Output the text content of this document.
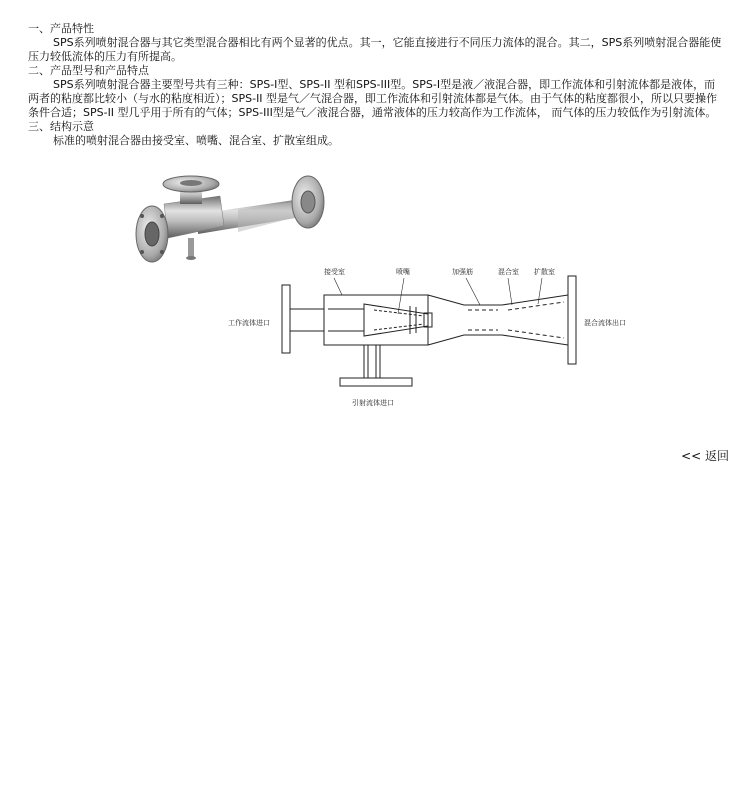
一、产品特性
SPS系列喷射混合器与其它类型混合器相比有两个显著的优点。其一，它能直接进行不同压力流体的混合。其二，SPS系列喷射混合器能使压力较低流体的压力有所提高。
二、产品型号和产品特点
SPS系列喷射混合器主要型号共有三种：SPS-Ⅰ型、SPS-II 型和SPS-III型。SPS-Ⅰ型是液／液混合器，即工作流体和引射流体都是液体，而两者的粘度都比较小（与水的粘度相近）；SPS-II 型是气／气混合器，即工作流体和引射流体都是气体。由于气体的粘度都很小，所以只要操作条件合适；SPS-II 型几乎用于所有的气体；SPS-III型是气／液混合器，通常液体的压力较高作为工作流体， 而气体的压力较低作为引射流体。
三、结构示意
标准的喷射混合器由接受室、喷嘴、混合室、扩散室组成。
接受室	喷嘴	加强筋	混合室 扩散室
工作流体进口	混合流体出口
引射流体进口
<< 返回
